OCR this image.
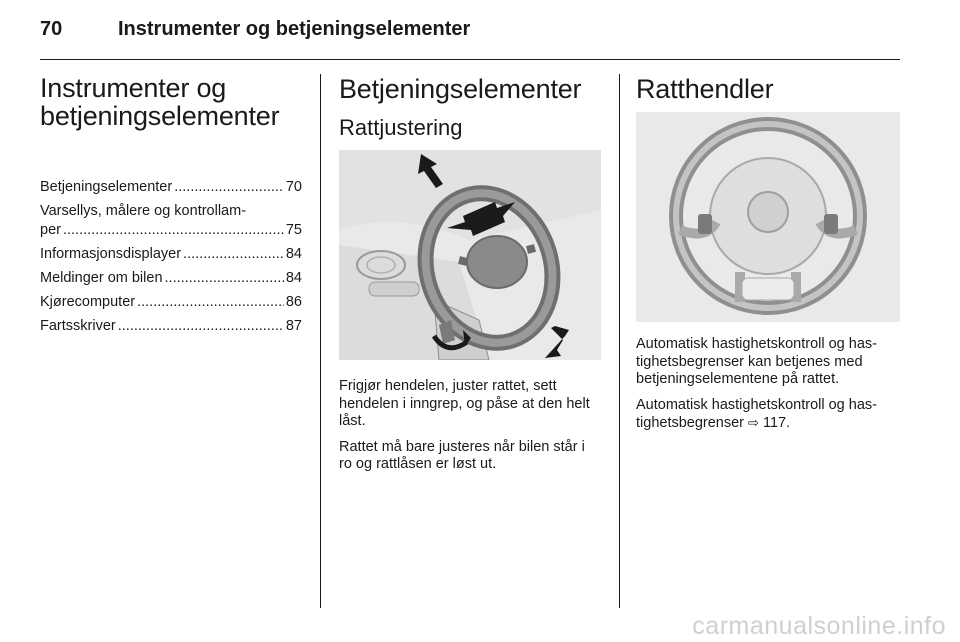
70	Instrumenter og betjeningselementer
Instrumenter og
betjeningselementer
Betjeningselementer .....	70
Varsellys, målere og kontrollam-
per .....	75
Informasjonsdisplayer .....	84
Meldinger om bilen .....	84
Kjørecomputer .....	86
Fartsskriver .....	87
Betjeningselementer
Rattjustering

Frigjør hendelen, juster rattet, sett hendelen i inngrep, og påse at den helt låst.

Rattet må bare justeres når bilen står i ro og rattlåsen er løst ut.

Ratthendler

Automatisk hastighetskontroll og has-tighetsbegrenser kan betjenes med betjeningselementene på rattet.

Automatisk hastighetskontroll og has-tighetsbegrenser ⇨ 117.

carmanualsonline.info
